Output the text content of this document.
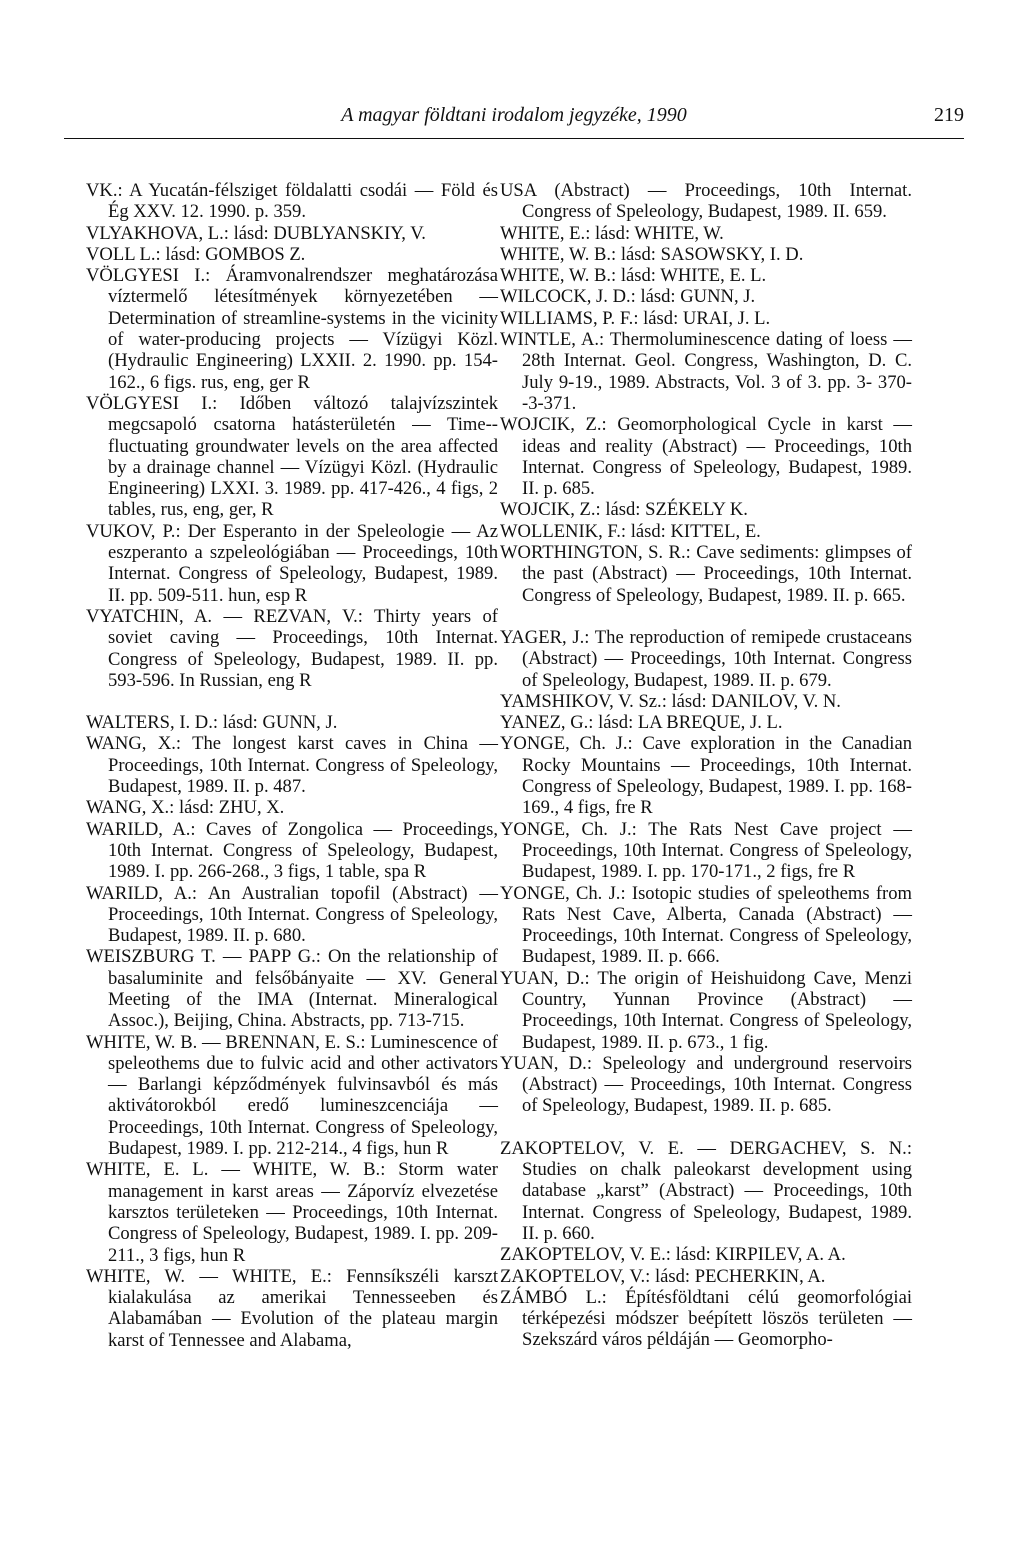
A magyar földtani irodalom jegyzéke, 1990	219

VK.: A Yucatán-félsziget földalatti csodái — Föld és Ég XXV. 12. 1990. p. 359.

VLYAKHOVA, L.: lásd: DUBLYANSKIY, V.

VOLL L.: lásd: GOMBOS Z.

VÖLGYESI I.: Áramvonalrendszer meghatározása víztermelő létesítmények környezetében — Determination of streamline-systems in the vicinity of water-producing projects — Vízügyi Közl. (Hydraulic Engineering) LXXII. 2. 1990. pp. 154-162., 6 figs. rus, eng, ger R

VÖLGYESI I.: Időben változó talajvízszintek megcsapoló csatorna hatásterületén — Time--fluctuating groundwater levels on the area affected by a drainage channel — Vízügyi Közl. (Hydraulic Engineering) LXXI. 3. 1989. pp. 417-426., 4 figs, 2 tables, rus, eng, ger, R

VUKOV, P.: Der Esperanto in der Speleologie — Az eszperanto a szpeleológiában — Proceedings, 10th Internat. Congress of Speleology, Budapest, 1989. II. pp. 509-511. hun, esp R

VYATCHIN, A. — REZVAN, V.: Thirty years of soviet caving — Proceedings, 10th Internat. Congress of Speleology, Budapest, 1989. II. pp. 593-596. In Russian, eng R

WALTERS, I. D.: lásd: GUNN, J.

WANG, X.: The longest karst caves in China — Proceedings, 10th Internat. Congress of Speleology, Budapest, 1989. II. p. 487.

WANG, X.: lásd: ZHU, X.

WARILD, A.: Caves of Zongolica — Proceedings, 10th Internat. Congress of Speleology, Budapest, 1989. I. pp. 266-268., 3 figs, 1 table, spa R

WARILD, A.: An Australian topofil (Abstract) — Proceedings, 10th Internat. Congress of Speleology, Budapest, 1989. II. p. 680.

WEISZBURG T. — PAPP G.: On the relationship of basaluminite and felsőbányaite — XV. General Meeting of the IMA (Internat. Mineralogical Assoc.), Beijing, China. Abstracts, pp. 713-715.

WHITE, W. B. — BRENNAN, E. S.: Luminescence of speleothems due to fulvic acid and other activators — Barlangi képződmények fulvinsavból és más aktivátorokból eredő lumineszcenciája — Proceedings, 10th Internat. Congress of Speleology, Budapest, 1989. I. pp. 212-214., 4 figs, hun R

WHITE, E. L. — WHITE, W. B.: Storm water management in karst areas — Záporvíz elvezetése karsztos területeken — Proceedings, 10th Internat. Congress of Speleology, Budapest, 1989. I. pp. 209-211., 3 figs, hun R

WHITE, W. — WHITE, E.: Fennsíkszéli karszt kialakulása az amerikai Tennesseeben és Alabamában — Evolution of the plateau margin karst of Tennessee and Alabama,

USA (Abstract) — Proceedings, 10th Internat. Congress of Speleology, Budapest, 1989. II. 659.

WHITE, E.: lásd: WHITE, W.

WHITE, W. B.: lásd: SASOWSKY, I. D.

WHITE, W. B.: lásd: WHITE, E. L.

WILCOCK, J. D.: lásd: GUNN, J.

WILLIAMS, P. F.: lásd: URAI, J. L.

WINTLE, A.: Thermoluminescence dating of loess — 28th Internat. Geol. Congress, Washington, D. C. July 9-19., 1989. Abstracts, Vol. 3 of 3. pp. 3- 370--3-371.

WOJCIK, Z.: Geomorphological Cycle in karst — ideas and reality (Abstract) — Proceedings, 10th Internat. Congress of Speleology, Budapest, 1989. II. p. 685.

WOJCIK, Z.: lásd: SZÉKELY K.

WOLLENIK, F.: lásd: KITTEL, E.

WORTHINGTON, S. R.: Cave sediments: glimpses of the past (Abstract) — Proceedings, 10th Internat. Congress of Speleology, Budapest, 1989. II. p. 665.

YAGER, J.: The reproduction of remipede crustaceans (Abstract) — Proceedings, 10th Internat. Congress of Speleology, Budapest, 1989. II. p. 679.

YAMSHIKOV, V. Sz.: lásd: DANILOV, V. N.

YANEZ, G.: lásd: LA BREQUE, J. L.

YONGE, Ch. J.: Cave exploration in the Canadian Rocky Mountains — Proceedings, 10th Internat. Congress of Speleology, Budapest, 1989. I. pp. 168-169., 4 figs, fre R

YONGE, Ch. J.: The Rats Nest Cave project — Proceedings, 10th Internat. Congress of Speleology, Budapest, 1989. I. pp. 170-171., 2 figs, fre R

YONGE, Ch. J.: Isotopic studies of speleothems from Rats Nest Cave, Alberta, Canada (Abstract) — Proceedings, 10th Internat. Congress of Speleology, Budapest, 1989. II. p. 666.

YUAN, D.: The origin of Heishuidong Cave, Menzi Country, Yunnan Province (Abstract) — Proceedings, 10th Internat. Congress of Speleology, Budapest, 1989. II. p. 673., 1 fig.

YUAN, D.: Speleology and underground reservoirs (Abstract) — Proceedings, 10th Internat. Congress of Speleology, Budapest, 1989. II. p. 685.

ZAKOPTELOV, V. E. — DERGACHEV, S. N.: Studies on chalk paleokarst development using database „karst” (Abstract) — Proceedings, 10th Internat. Congress of Speleology, Budapest, 1989. II. p. 660.

ZAKOPTELOV, V. E.: lásd: KIRPILEV, A. A.

ZAKOPTELOV, V.: lásd: PECHERKIN, A.

ZÁMBÓ L.: Építésföldtani célú geomorfológiai térképezési módszer beépített löszös területen — Szekszárd város példáján — Geomorpho-
